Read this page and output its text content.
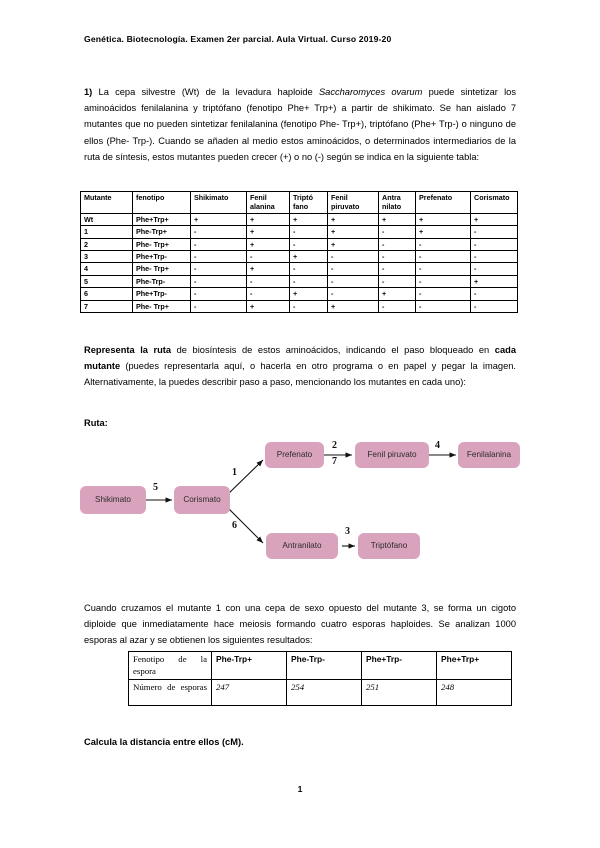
Genética. Biotecnología. Examen 2er parcial. Aula Virtual. Curso 2019-20

1) La cepa silvestre (Wt) de la levadura haploide Saccharomyces ovarum puede sintetizar los aminoácidos fenilalanina y triptófano (fenotipo Phe+ Trp+) a partir de shikimato. Se han aislado 7 mutantes que no pueden sintetizar fenilalanina (fenotipo Phe- Trp+), triptófano (Phe+ Trp-) o ninguno de ellos (Phe- Trp-). Cuando se añaden al medio estos aminoácidos, o determinados intermediarios de la ruta de síntesis, estos mutantes pueden crecer (+) o no (-) según se indica en la siguiente tabla:

Mutante	fenotipo	Shikimato	Fenil alanina	Triptó fano	Fenil piruvato	Antra nilato	Prefenato	Corismato
Wt	Phe+Trp+	+	+	+	+	+	+	+
1	Phe-Trp+	-	+	-	+	-	+	-
2	Phe- Trp+	-	+	-	+	-	-	-
3	Phe+Trp-	-	-	+	-	-	-	-
4	Phe- Trp+	-	+	-	-	-	-	-
5	Phe-Trp-	-	-	-	-	-	-	+
6	Phe+Trp-	-	-	+	-	+	-	-
7	Phe- Trp+	-	+	-	+	-	-	-

Representa la ruta de biosíntesis de estos aminoácidos, indicando el paso bloqueado en cada mutante (puedes representarla aquí, o hacerla en otro programa o en papel y pegar la imagen. Alternativamente, la puedes describir paso a paso, mencionando los mutantes en cada uno):

Ruta:
Shikimato	Corismato
Prefenato	Fenil piruvato	Fenilalanina
Antranilato	Triptófano
5
1
6
2
7
4
3

Cuando cruzamos el mutante 1 con una cepa de sexo opuesto del mutante 3, se forma un cigoto diploide que inmediatamente hace meiosis formando cuatro esporas haploides. Se analizan 1000 esporas al azar y se obtienen los siguientes resultados:

Fenotipo de la espora	Phe-Trp+	Phe-Trp-	Phe+Trp-	Phe+Trp+
Número de esporas	247	254	251	248

Calcula la distancia entre ellos (cM).

1
